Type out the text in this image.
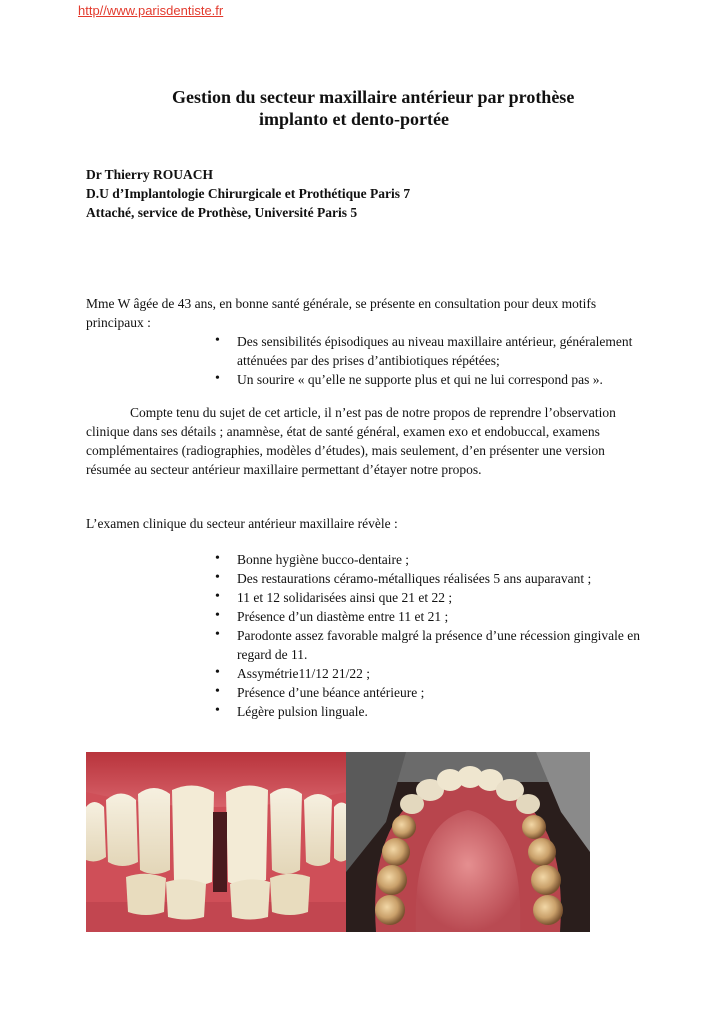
http//www.parisdentiste.fr
Gestion du secteur maxillaire antérieur par prothèse
implanto et dento-portée
Dr Thierry ROUACH
D.U d’Implantologie Chirurgicale et Prothétique Paris 7
Attaché, service de Prothèse, Université Paris 5
Mme W âgée de 43 ans, en bonne santé générale, se présente en consultation pour deux motifs principaux :
• Des sensibilités épisodiques au niveau maxillaire antérieur, généralement atténuées par des prises d’antibiotiques répétées;
• Un sourire « qu’elle ne supporte plus et qui ne lui correspond pas ».
Compte tenu du sujet de cet article, il n’est pas de notre propos de reprendre l’observation clinique dans ses détails ; anamnèse, état de santé général, examen exo et endobuccal, examens complémentaires (radiographies, modèles d’études), mais seulement, d’en présenter une version résumée au secteur antérieur maxillaire permettant d’étayer notre propos.
L’examen clinique du secteur antérieur maxillaire révèle :
• Bonne hygiène bucco-dentaire ;
• Des restaurations céramo-métalliques réalisées 5 ans auparavant ;
• 11 et 12 solidarisées ainsi que 21 et 22 ;
• Présence d’un diastème entre 11 et 21 ;
• Parodonte assez favorable malgré la présence d’une récession gingivale en regard de 11.
• Assymétrie11/12 21/22 ;
• Présence d’une béance antérieure ;
• Légère pulsion linguale.
